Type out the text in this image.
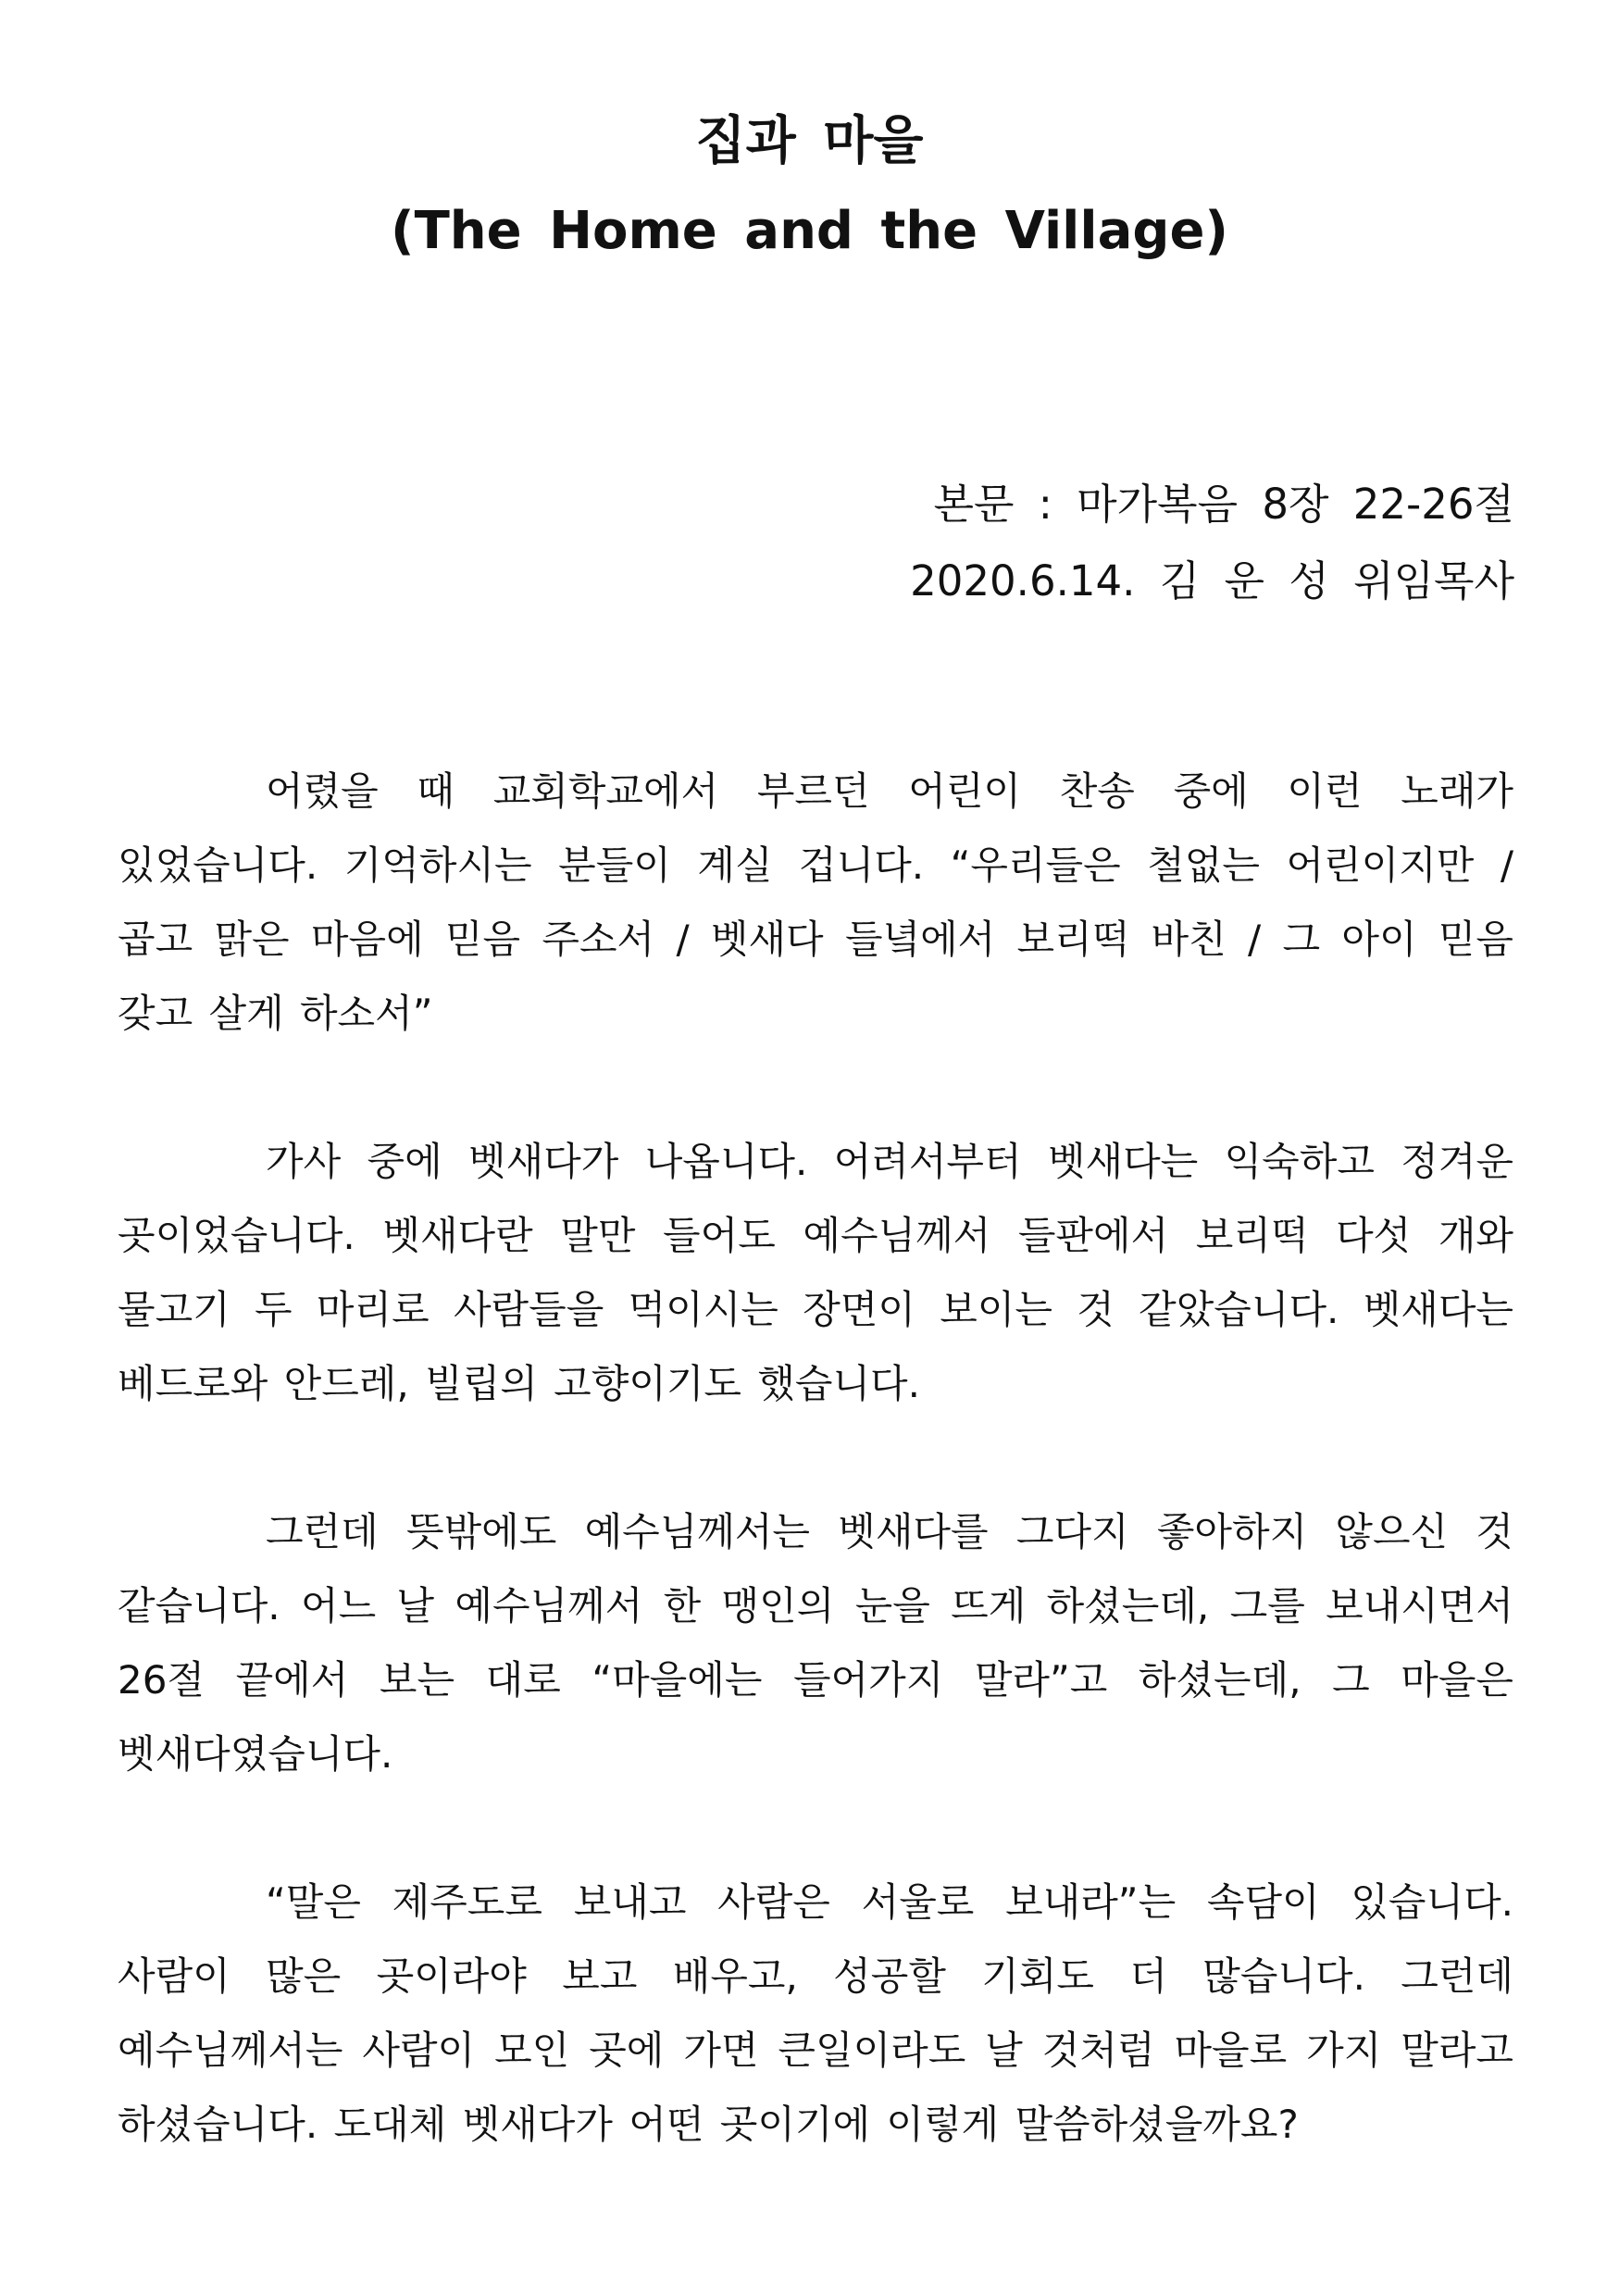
집과 마을
(The Home and the Village)

본문 : 마가복음 8장 22-26절

2020.6.14. 김 운 성 위임목사

어렸을 때 교회학교에서 부르던 어린이 찬송 중에 이런 노래가 있었습니다. 기억하시는 분들이 계실 겁니다. “우리들은 철없는 어린이지만 / 곱고 맑은 마음에 믿음 주소서 / 벳새다 들녘에서 보리떡 바친 / 그 아이 믿음 갖고 살게 하소서”

가사 중에 벳새다가 나옵니다. 어려서부터 벳새다는 익숙하고 정겨운 곳이었습니다. 벳새다란 말만 들어도 예수님께서 들판에서 보리떡 다섯 개와 물고기 두 마리로 사람들을 먹이시는 장면이 보이는 것 같았습니다. 벳새다는 베드로와 안드레, 빌립의 고향이기도 했습니다.

그런데 뜻밖에도 예수님께서는 벳새다를 그다지 좋아하지 않으신 것 같습니다. 어느 날 예수님께서 한 맹인의 눈을 뜨게 하셨는데, 그를 보내시면서 26절 끝에서 보는 대로 “마을에는 들어가지 말라”고 하셨는데, 그 마을은 벳새다였습니다.

“말은 제주도로 보내고 사람은 서울로 보내라”는 속담이 있습니다. 사람이 많은 곳이라야 보고 배우고, 성공할 기회도 더 많습니다. 그런데 예수님께서는 사람이 모인 곳에 가면 큰일이라도 날 것처럼 마을로 가지 말라고 하셨습니다. 도대체 벳새다가 어떤 곳이기에 이렇게 말씀하셨을까요?
